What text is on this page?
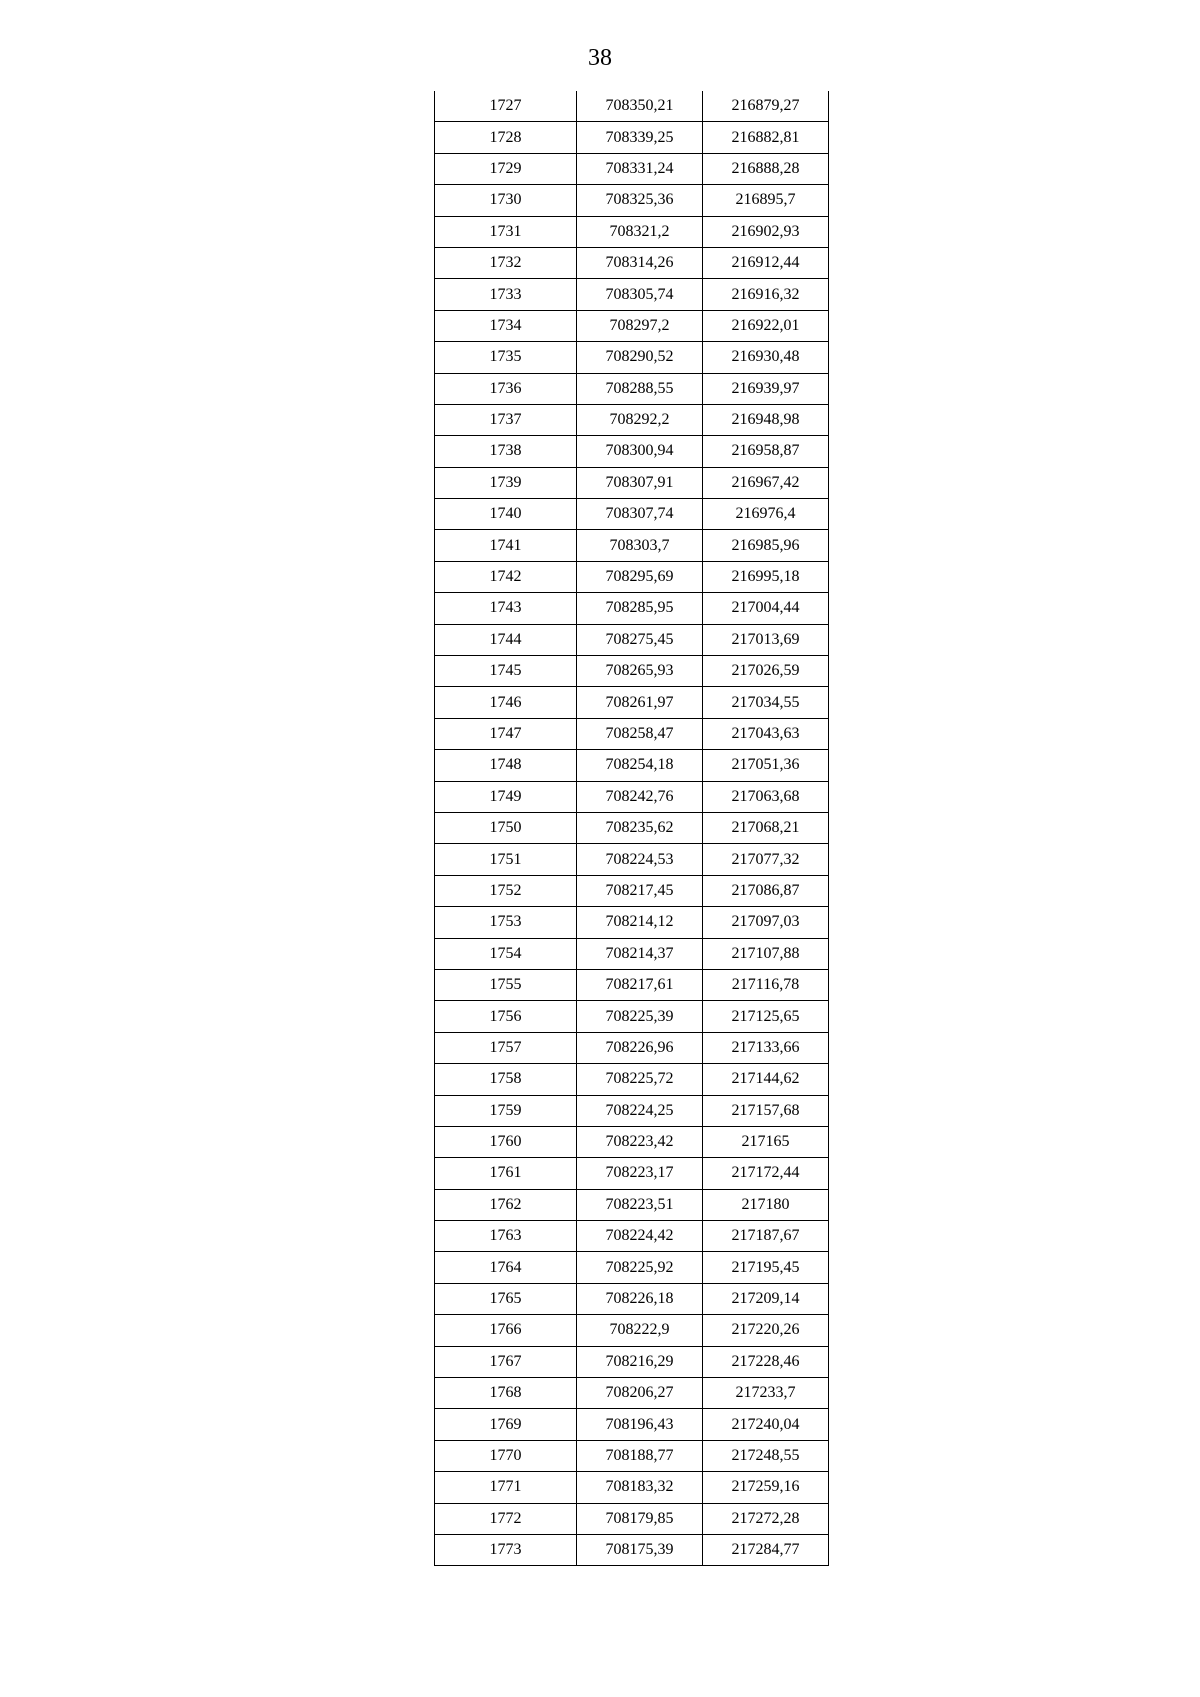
38
1727	708350,21	216879,27
1728	708339,25	216882,81
1729	708331,24	216888,28
1730	708325,36	216895,7
1731	708321,2	216902,93
1732	708314,26	216912,44
1733	708305,74	216916,32
1734	708297,2	216922,01
1735	708290,52	216930,48
1736	708288,55	216939,97
1737	708292,2	216948,98
1738	708300,94	216958,87
1739	708307,91	216967,42
1740	708307,74	216976,4
1741	708303,7	216985,96
1742	708295,69	216995,18
1743	708285,95	217004,44
1744	708275,45	217013,69
1745	708265,93	217026,59
1746	708261,97	217034,55
1747	708258,47	217043,63
1748	708254,18	217051,36
1749	708242,76	217063,68
1750	708235,62	217068,21
1751	708224,53	217077,32
1752	708217,45	217086,87
1753	708214,12	217097,03
1754	708214,37	217107,88
1755	708217,61	217116,78
1756	708225,39	217125,65
1757	708226,96	217133,66
1758	708225,72	217144,62
1759	708224,25	217157,68
1760	708223,42	217165
1761	708223,17	217172,44
1762	708223,51	217180
1763	708224,42	217187,67
1764	708225,92	217195,45
1765	708226,18	217209,14
1766	708222,9	217220,26
1767	708216,29	217228,46
1768	708206,27	217233,7
1769	708196,43	217240,04
1770	708188,77	217248,55
1771	708183,32	217259,16
1772	708179,85	217272,28
1773	708175,39	217284,77
